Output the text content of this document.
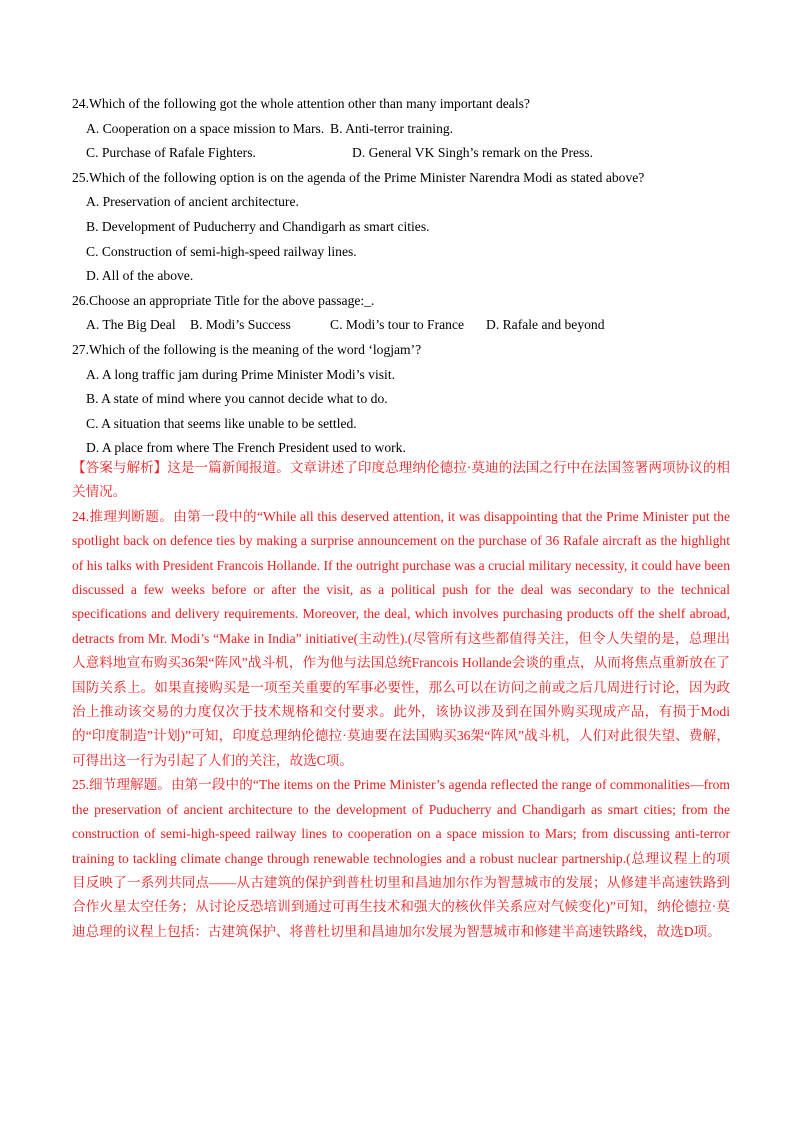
24.Which of the following got the whole attention other than many important deals?
A. Cooperation on a space mission to Mars. B. Anti-terror training.
C. Purchase of Rafale Fighters.	D. General VK Singh’s remark on the Press.
25.Which of the following option is on the agenda of the Prime Minister Narendra Modi as stated above?
A. Preservation of ancient architecture.
B. Development of Puducherry and Chandigarh as smart cities.
C. Construction of semi-high-speed railway lines.
D. All of the above.
26.Choose an appropriate Title for the above passage:_.
A. The Big Deal B. Modi’s Success	C. Modi’s tour to France D. Rafale and beyond
27.Which of the following is the meaning of the word ‘logjam’?
A. A long traffic jam during Prime Minister Modi’s visit.
B. A state of mind where you cannot decide what to do.
C. A situation that seems like unable to be settled.
D. A place from where The French President used to work.

【答案与解析】这是一篇新闻报道。文章讲述了印度总理纳伦德拉·莫迪的法国之行中在法国签署两项协议的相关情况。

24.推理判断题。由第一段中的“While all this deserved attention, it was disappointing that the Prime Minister put the spotlight back on defence ties by making a surprise announcement on the purchase of 36 Rafale aircraft as the highlight of his talks with President Francois Hollande. If the outright purchase was a crucial military necessity, it could have been discussed a few weeks before or after the visit, as a political push for the deal was secondary to the technical specifications and delivery requirements. Moreover, the deal, which involves purchasing products off the shelf abroad, detracts from Mr. Modi’s “Make in India” initiative(主动性).(尽管所有这些都值得关注，但令人失望的是，总理出人意料地宣布购买36架“阵风”战斗机，作为他与法国总统Francois Hollande会谈的重点，从而将焦点重新放在了国防关系上。如果直接购买是一项至关重要的军事必要性，那么可以在访问之前或之后几周进行讨论，因为政治上推动该交易的力度仅次于技术规格和交付要求。此外，该协议涉及到在国外购买现成产品，有损于Modi的“印度制造”计划)”可知，印度总理纳伦德拉·莫迪要在法国购买36架“阵风”战斗机，人们对此很失望、费解，可得出这一行为引起了人们的关注，故选C项。

25.细节理解题。由第一段中的“The items on the Prime Minister’s agenda reflected the range of commonalities—from the preservation of ancient architecture to the development of Puducherry and Chandigarh as smart cities; from the construction of semi-high-speed railway lines to cooperation on a space mission to Mars; from discussing anti-terror training to tackling climate change through renewable technologies and a robust nuclear partnership.(总理议程上的项目反映了一系列共同点——从古建筑的保护到普杜切里和昌迪加尔作为智慧城市的发展；从修建半高速铁路到合作火星太空任务；从讨论反恐培训到通过可再生技术和强大的核伙伴关系应对气候变化)”可知，纳伦德拉·莫迪总理的议程上包括：古建筑保护、将普杜切里和昌迪加尔发展为智慧城市和修建半高速铁路线，故选D项。
